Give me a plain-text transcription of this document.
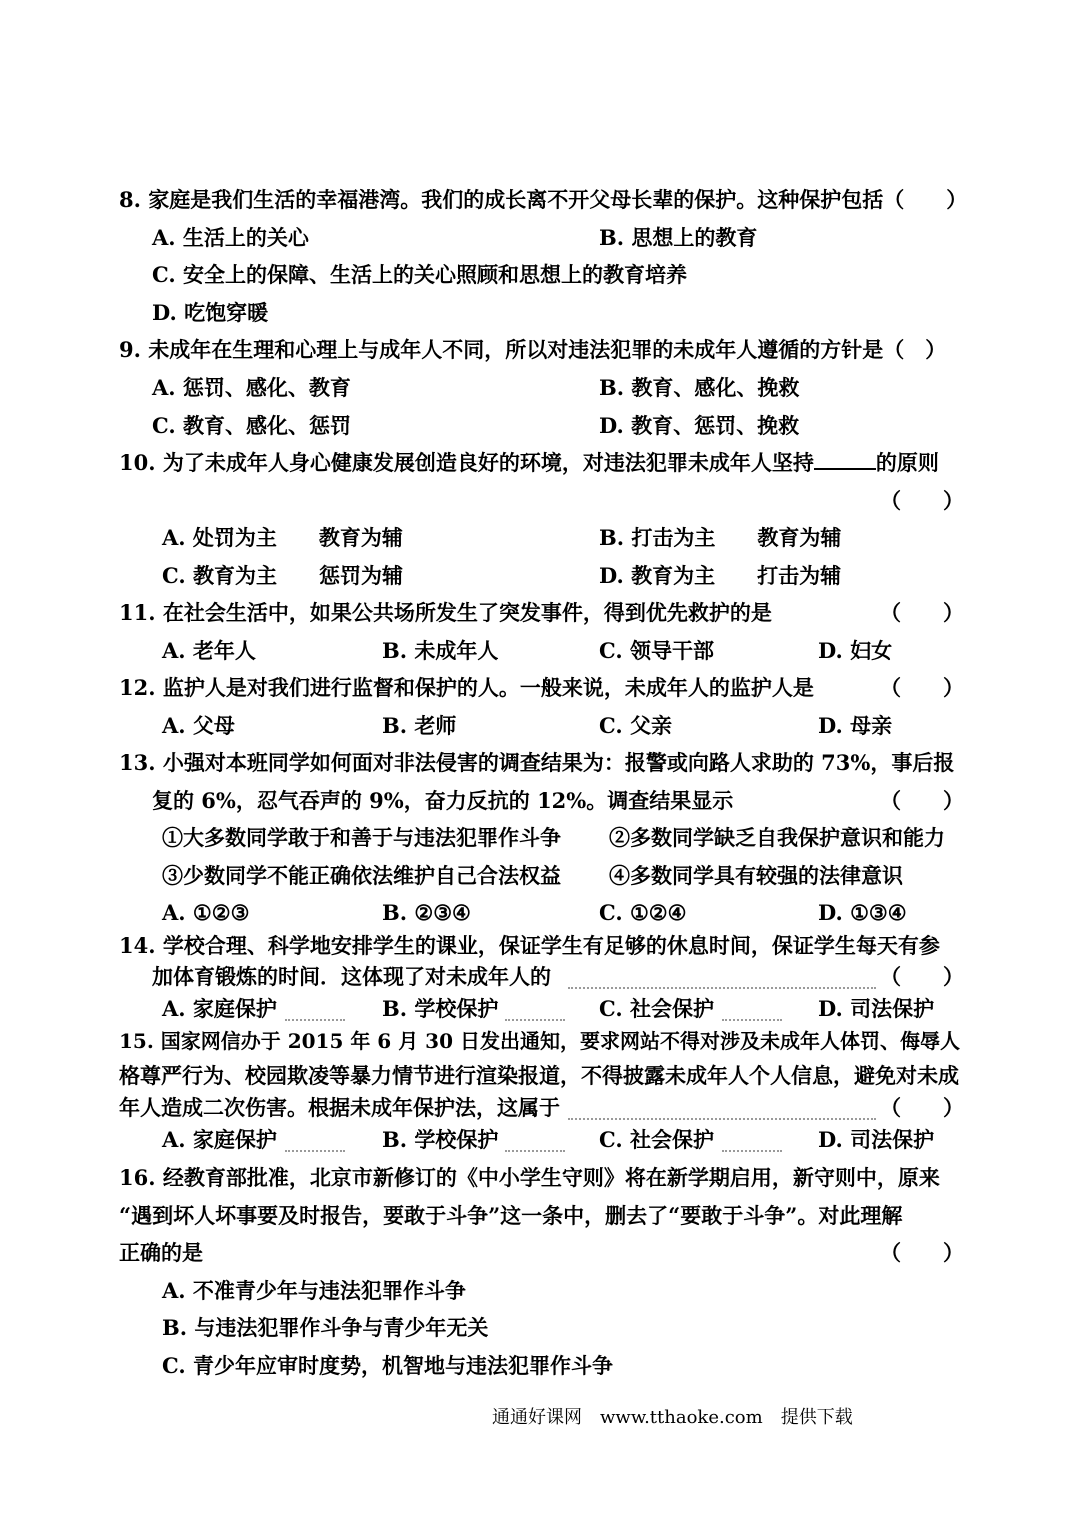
8. 家庭是我们生活的幸福港湾。我们的成长离不开父母长辈的保护。这种保护包括（　　）
A. 生活上的关心	B. 思想上的教育
C. 安全上的保障、生活上的关心照顾和思想上的教育培养
D. 吃饱穿暖
9. 未成年在生理和心理上与成年人不同，所以对违法犯罪的未成年人遵循的方针是（　）
A. 惩罚、感化、教育	B. 教育、感化、挽救
C. 教育、感化、惩罚	D. 教育、惩罚、挽救
10. 为了未成年人身心健康发展创造良好的环境，对违法犯罪未成年人坚持	的原则
（　　）
A. 处罚为主　　教育为辅	B. 打击为主　　教育为辅
C. 教育为主　　惩罚为辅	D. 教育为主　　打击为辅
11. 在社会生活中，如果公共场所发生了突发事件，得到优先救护的是	（　　）
A. 老年人	B. 未成年人	C. 领导干部	D. 妇女
12. 监护人是对我们进行监督和保护的人。一般来说，未成年人的监护人是	（　　）
A. 父母	B. 老师	C. 父亲	D. 母亲
13. 小强对本班同学如何面对非法侵害的调查结果为：报警或向路人求助的 73%，事后报
复的 6%，忍气吞声的 9%，奋力反抗的 12%。调查结果显示	（　　）
①大多数同学敢于和善于与违法犯罪作斗争 ②多数同学缺乏自我保护意识和能力
③少数同学不能正确依法维护自己合法权益 ④多数同学具有较强的法律意识
A. ①②③	B. ②③④	C. ①②④	D. ①③④
14. 学校合理、科学地安排学生的课业，保证学生有足够的休息时间，保证学生每天有参
加体育锻炼的时间．这体现了对未成年人的	（　　）
A. 家庭保护	B. 学校保护	C. 社会保护	D. 司法保护
15. 国家网信办于 2015 年 6 月 30 日发出通知，要求网站不得对涉及未成年人体罚、侮辱人
格尊严行为、校园欺凌等暴力情节进行渲染报道，不得披露未成年人个人信息，避免对未成
年人造成二次伤害。根据未成年保护法，这属于	（　　）
A. 家庭保护	B. 学校保护	C. 社会保护	D. 司法保护
16. 经教育部批准，北京市新修订的《中小学生守则》将在新学期启用，新守则中，原来
“遇到坏人坏事要及时报告，要敢于斗争”这一条中，删去了“要敢于斗争”。对此理解
正确的是	（　　）
A. 不准青少年与违法犯罪作斗争
B. 与违法犯罪作斗争与青少年无关
C. 青少年应审时度势，机智地与违法犯罪作斗争
通通好课网　www.tthaoke.com　提供下载
